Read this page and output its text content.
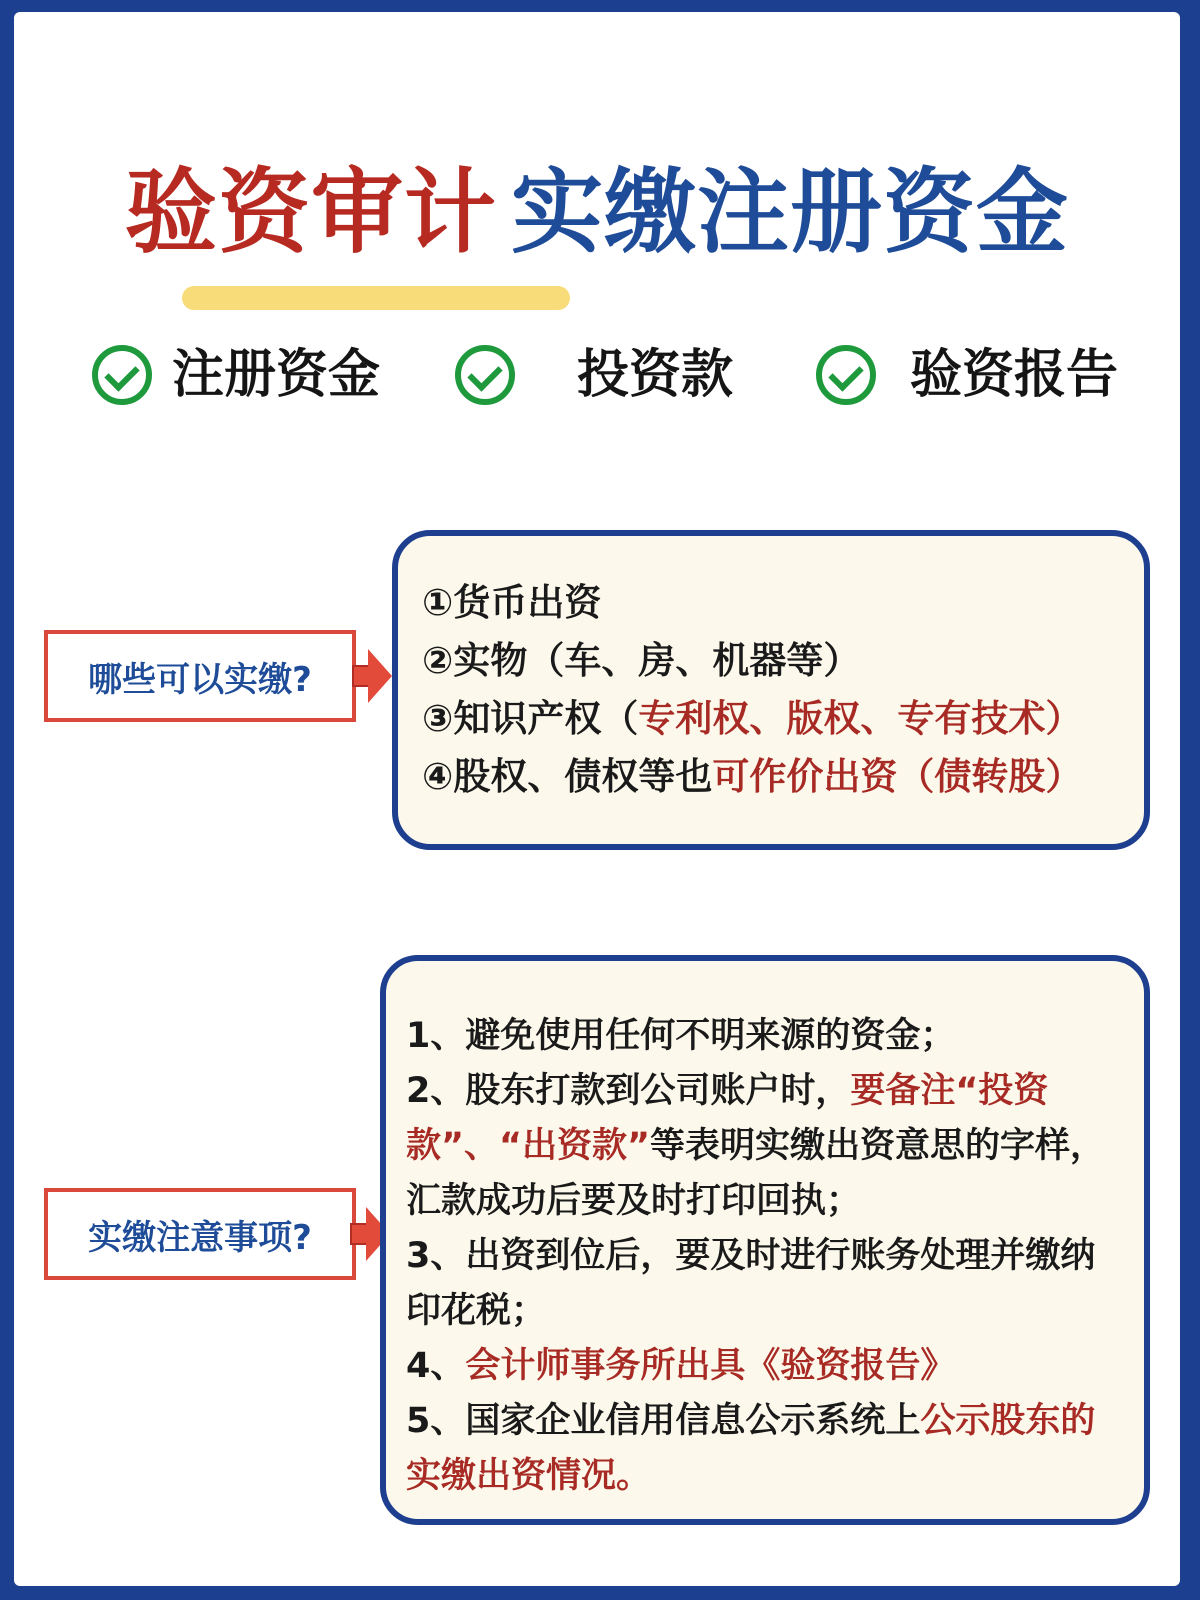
验资审计 实缴注册资金
注册资金	投资款	验资报告
哪些可以实缴?
①货币出资
②实物（车、房、机器等）
③知识产权（专利权、版权、专有技术）
④股权、债权等也可作价出资（债转股）
实缴注意事项?
1、避免使用任何不明来源的资金；
2、股东打款到公司账户时，要备注“投资款”、“出资款”等表明实缴出资意思的字样，汇款成功后要及时打印回执；
3、出资到位后，要及时进行账务处理并缴纳印花税；
4、会计师事务所出具《验资报告》
5、国家企业信用信息公示系统上公示股东的实缴出资情况。
